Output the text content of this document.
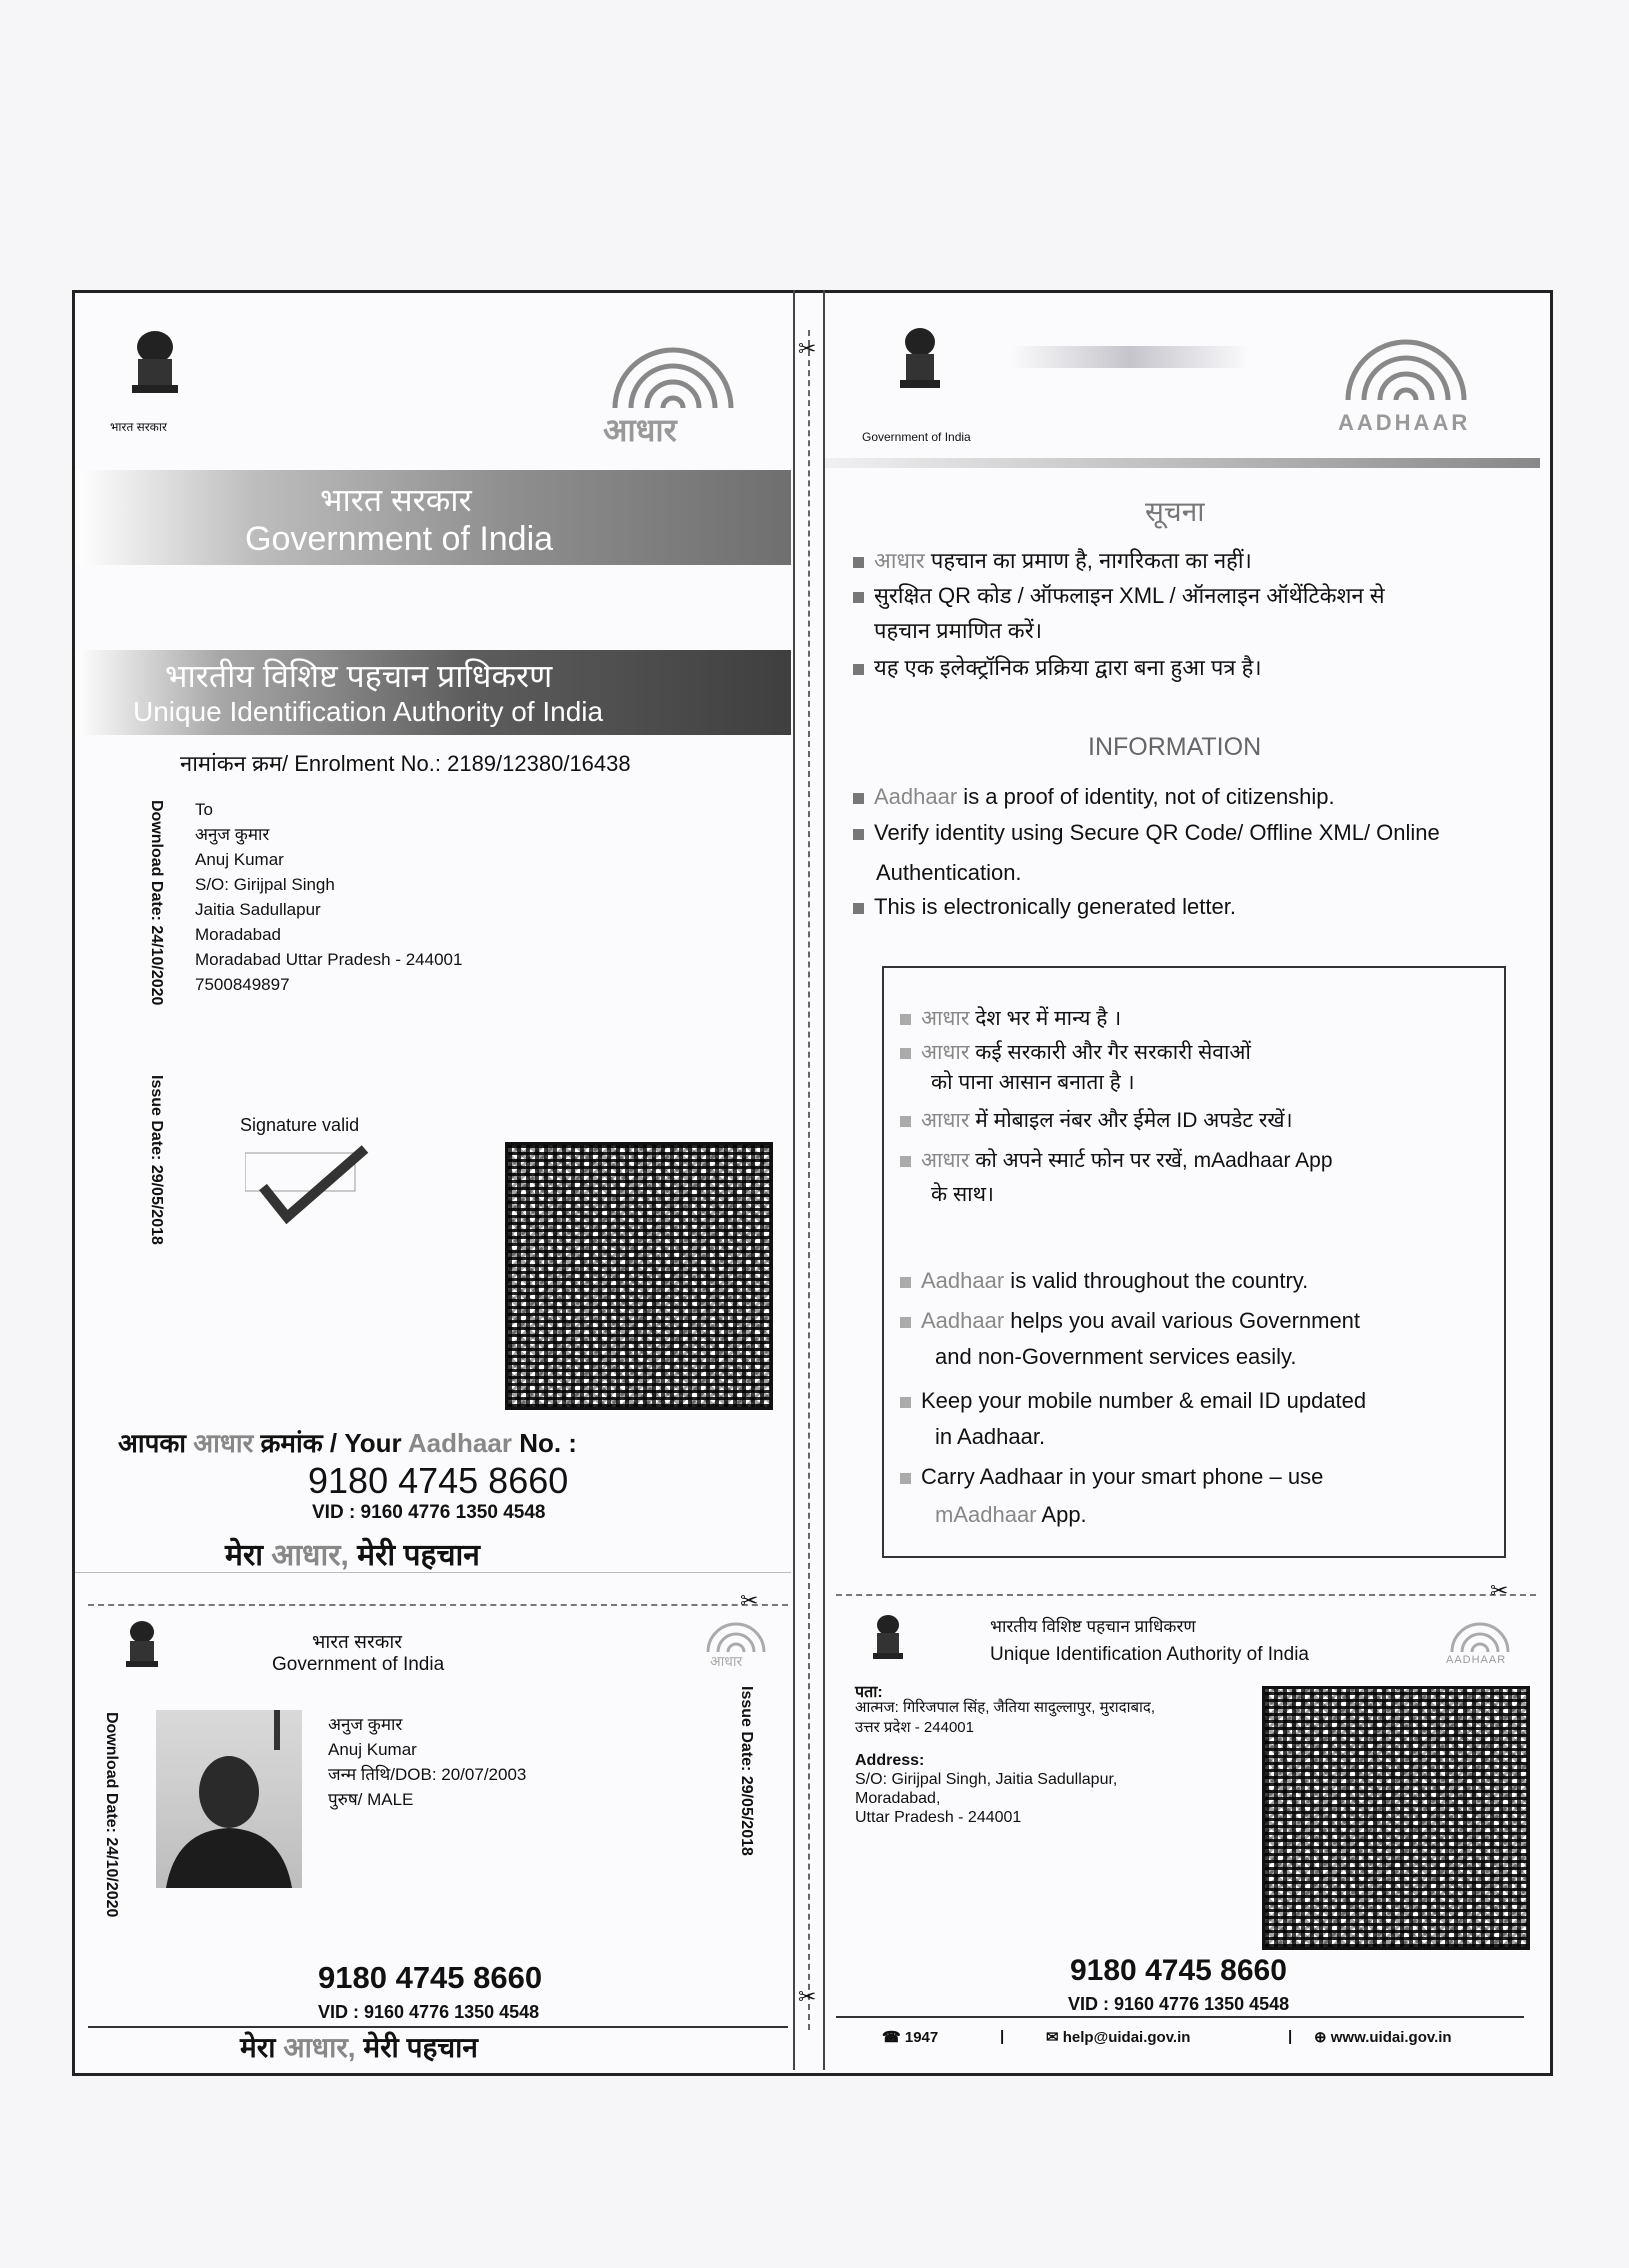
✂
✂
भारत सरकार	आधार
भारत सरकार
Government of India
भारतीय विशिष्ट पहचान प्राधिकरण
Unique Identification Authority of India
नामांकन क्रम/ Enrolment No.: 2189/12380/16438
Download Date: 24/10/2020
Issue Date: 29/05/2018
To
अनुज कुमार
Anuj Kumar
S/O: Girijpal Singh
Jaitia Sadullapur
Moradabad
Moradabad Uttar Pradesh - 244001
7500849897
Signature valid
आपका आधार क्रमांक / Your Aadhaar No. :
9180 4745 8660
VID : 9160 4776 1350 4548
मेरा आधार, मेरी पहचान
✂
Government of India
AADHAAR
सूचना
आधार पहचान का प्रमाण है, नागरिकता का नहीं।
सुरक्षित QR कोड / ऑफलाइन XML / ऑनलाइन ऑथेंटिकेशन से
पहचान प्रमाणित करें।
यह एक इलेक्ट्रॉनिक प्रक्रिया द्वारा बना हुआ पत्र है।
INFORMATION
Aadhaar is a proof of identity, not of citizenship.
Verify identity using Secure QR Code/ Offline XML/ Online
Authentication.
This is electronically generated letter.
आधार देश भर में मान्य है ।
आधार कई सरकारी और गैर सरकारी सेवाओं
को पाना आसान बनाता है ।
आधार में मोबाइल नंबर और ईमेल ID अपडेट रखें।
आधार को अपने स्मार्ट फोन पर रखें, mAadhaar App
के साथ।
Aadhaar is valid throughout the country.
Aadhaar helps you avail various Government
and non-Government services easily.
Keep your mobile number & email ID updated
in Aadhaar.
Carry Aadhaar in your smart phone – use
mAadhaar App.
✂
भारत सरकार
Government of India	आधार
Download Date: 24/10/2020	Issue Date: 29/05/2018
अनुज कुमार
Anuj Kumar
जन्म तिथि/DOB: 20/07/2003
पुरुष/ MALE
9180 4745 8660
VID : 9160 4776 1350 4548
मेरा आधार, मेरी पहचान
भारतीय विशिष्ट पहचान प्राधिकरण
Unique Identification Authority of India	AADHAAR
पता:
आत्मज: गिरिजपाल सिंह, जैतिया सादुल्लापुर, मुरादाबाद,
उत्तर प्रदेश - 244001
Address:
S/O: Girijpal Singh, Jaitia Sadullapur,
Moradabad,
Uttar Pradesh - 244001
9180 4745 8660
VID : 9160 4776 1350 4548
☎ 1947	|	✉ help@uidai.gov.in	| ⊕ www.uidai.gov.in
